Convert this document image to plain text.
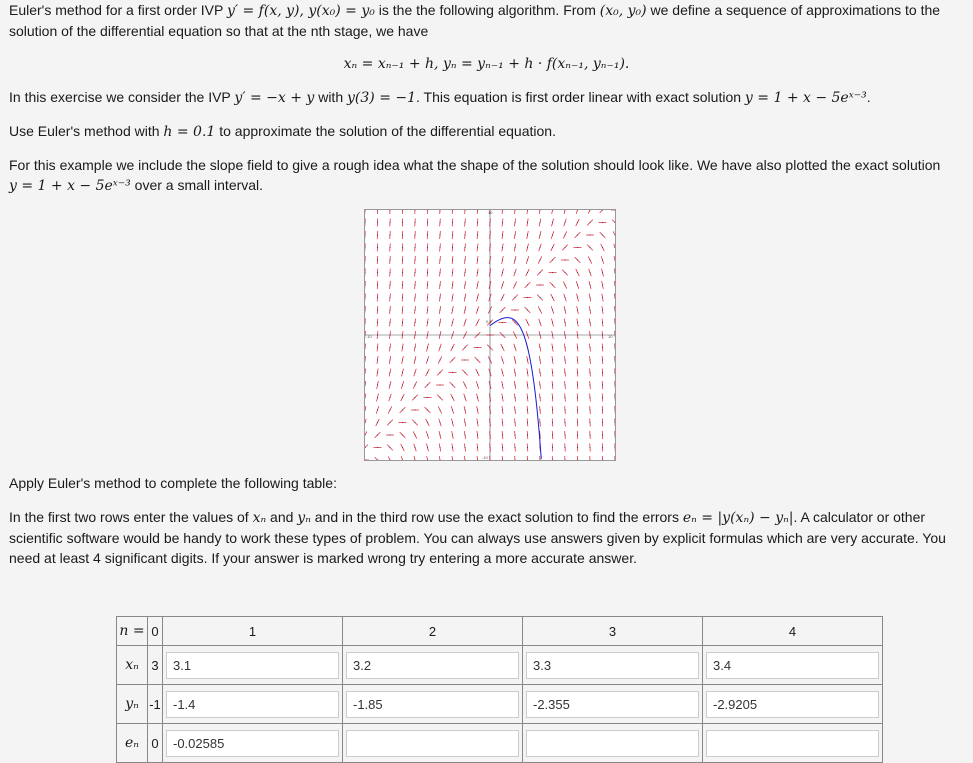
Euler's method for a first order IVP y′ = f(x, y), y(x₀) = y₀ is the the following algorithm. From (x₀, y₀) we define a sequence of approximations to the solution of the differential equation so that at the nth stage, we have

xₙ = xₙ₋₁ + h, yₙ = yₙ₋₁ + h · f(xₙ₋₁, yₙ₋₁).

In this exercise we consider the IVP y′ = −x + y with y(3) = −1. This equation is first order linear with exact solution y = 1 + x − 5eˣ⁻³.

Use Euler's method with h = 0.1 to approximate the solution of the differential equation.

For this example we include the slope field to give a rough idea what the shape of the solution should look like. We have also plotted the exact solution
y = 1 + x − 5eˣ⁻³ over a small interval.

-10	10
10
-10
0.5

Apply Euler's method to complete the following table:

In the first two rows enter the values of xₙ and yₙ and in the third row use the exact solution to find the errors eₙ = |y(xₙ) − yₙ|. A calculator or other scientific software would be handy to work these types of problem. You can always use answers given by explicit formulas which are very accurate. You need at least 4 significant digits. If your answer is marked wrong try entering a more accurate answer.

n =	0	1	2	3	4
xₙ	3	3.1	3.2	3.3	3.4
yₙ	-1	-1.4	-1.85	-2.355	-2.9205
eₙ	0	-0.02585			
